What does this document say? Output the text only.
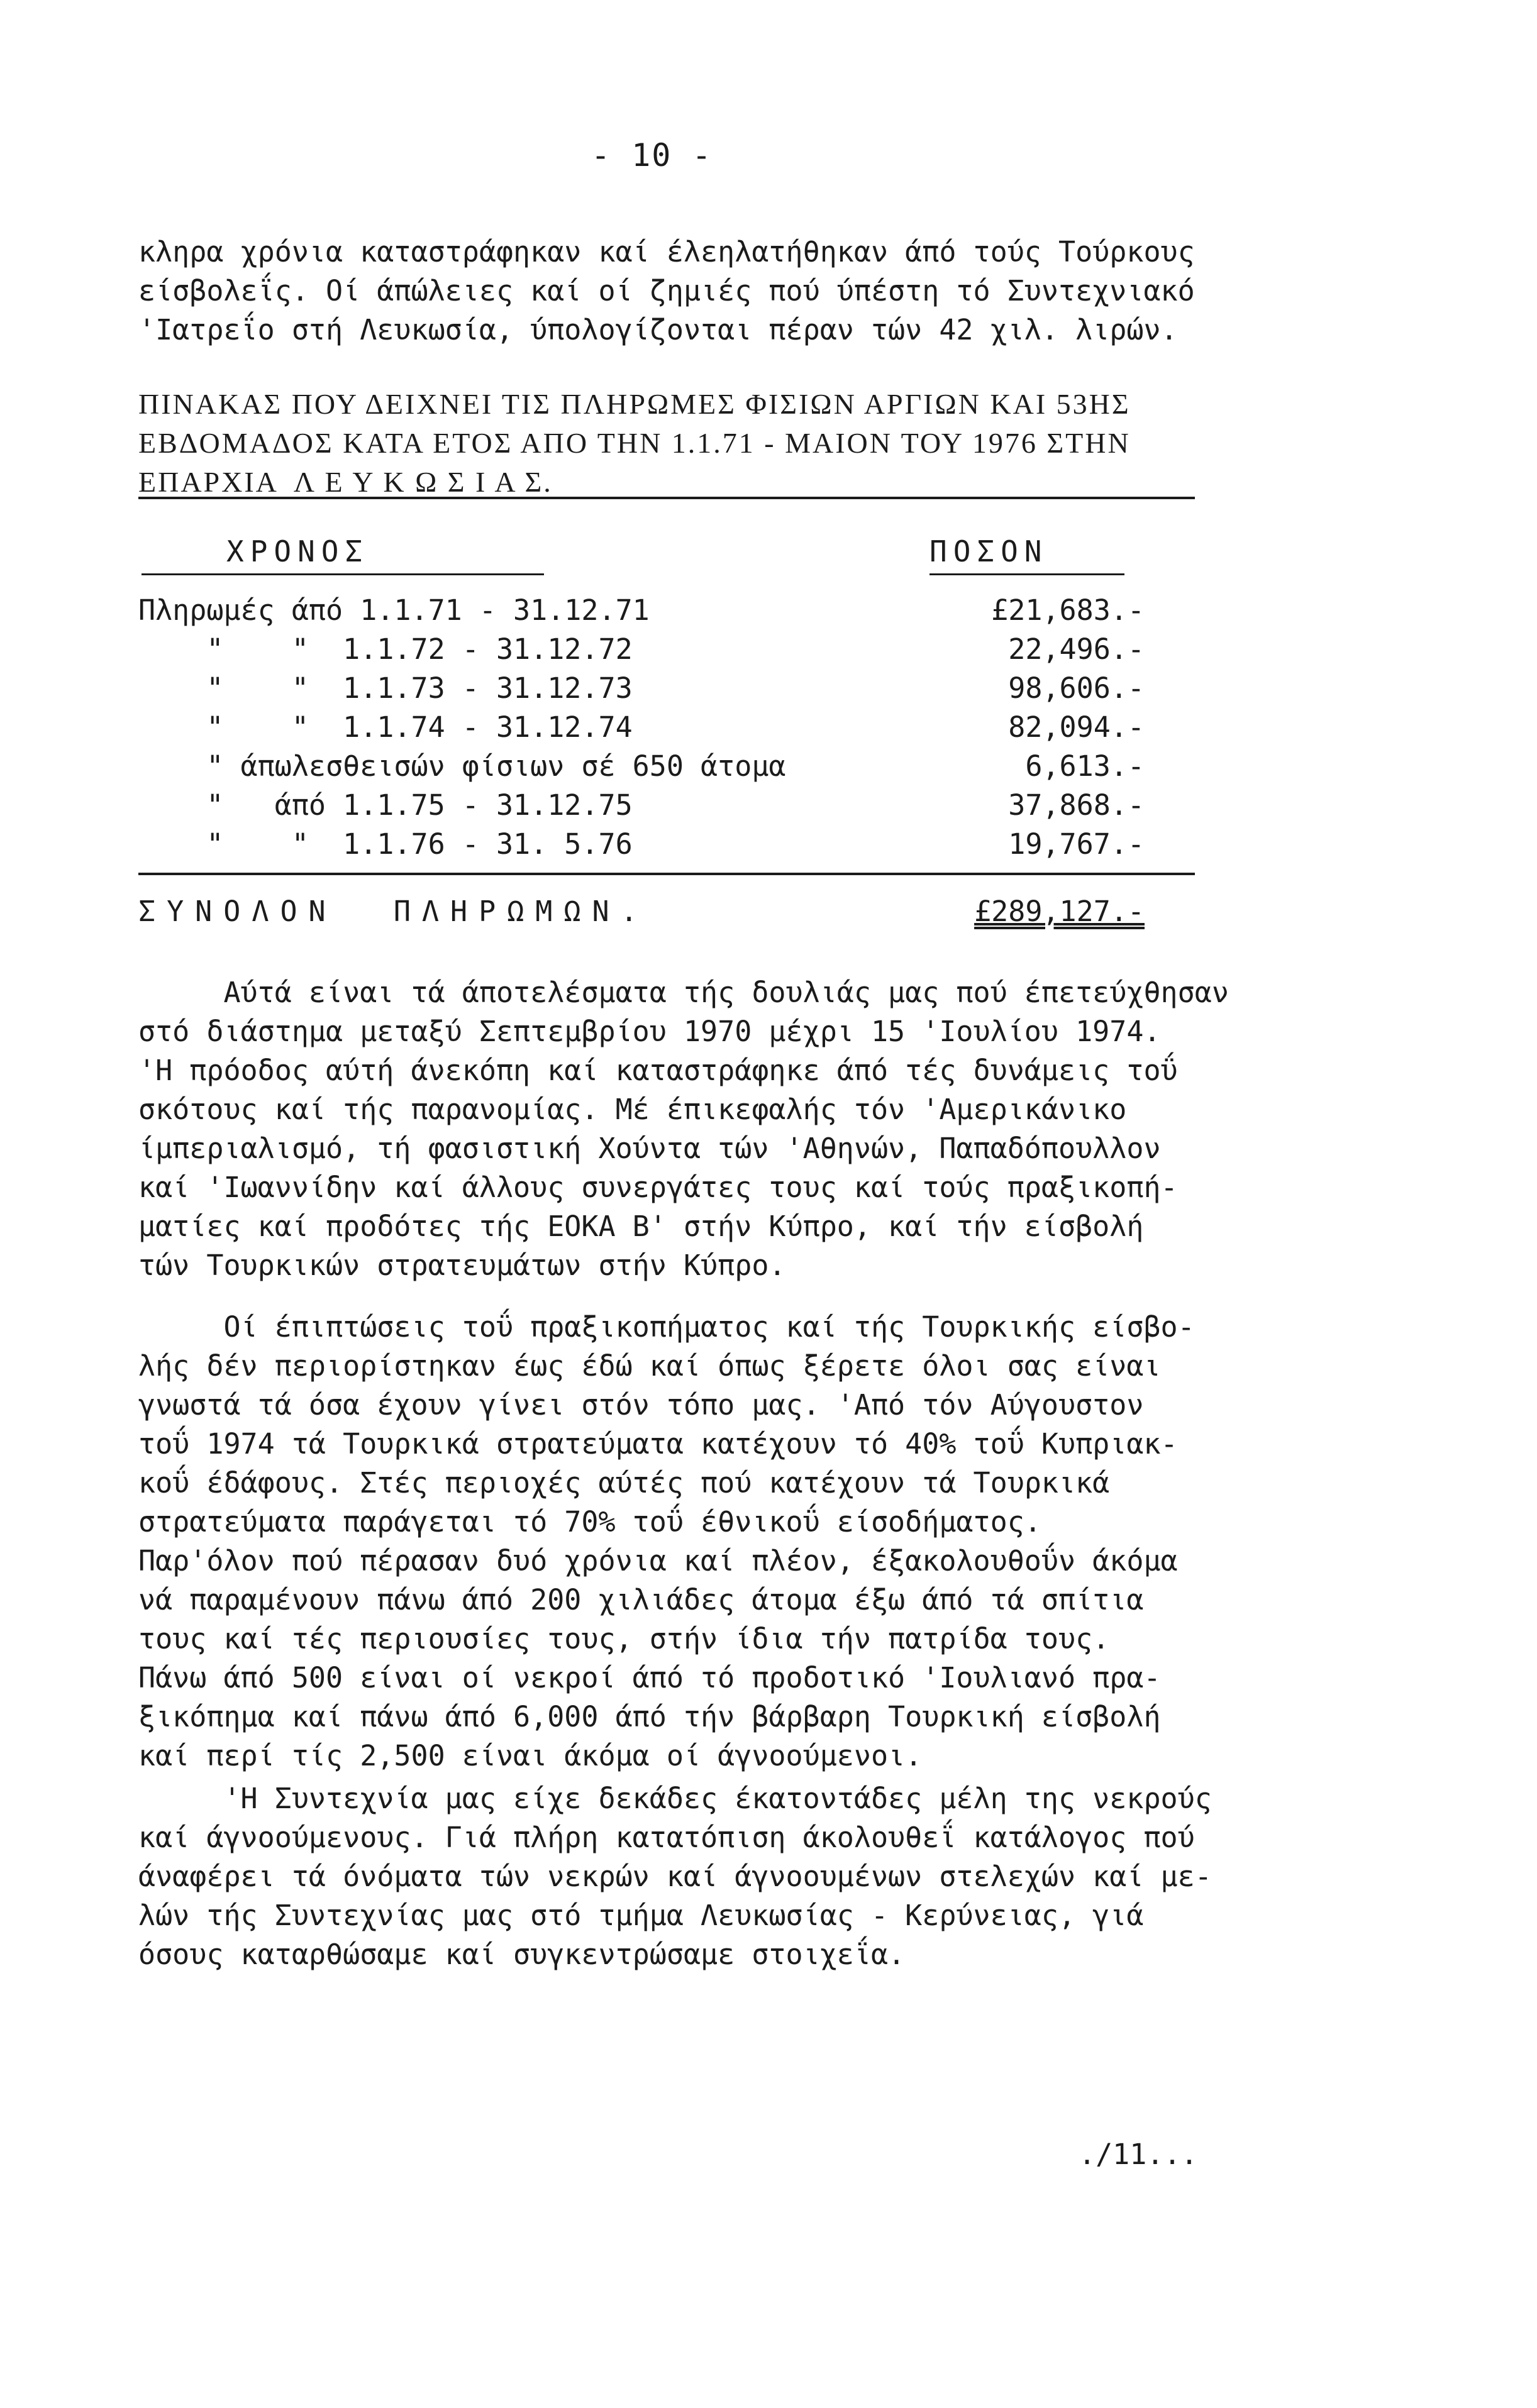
- 10 -
κληρα χρόνια καταστράφηκαν καί έλεηλατήθηκαν άπό τούς Τούρκους
είσβολεΐς. Οί άπώλειες καί οί ζημιές πού ύπέστη τό Συντεχνιακό
'Ιατρεΐο στή Λευκωσία, ύπολογίζονται πέραν τών 42 χιλ. λιρών.
ΠΙΝΑΚΑΣ ΠΟΥ ΔΕΙΧΝΕΙ ΤΙΣ ΠΛΗΡΩΜΕΣ ΦΙΣΙΩΝ ΑΡΓΙΩΝ ΚΑΙ 53ΗΣ
ΕΒΔΟΜΑΔΟΣ ΚΑΤΑ ΕΤΟΣ ΑΠΟ ΤΗΝ 1.1.71 - ΜΑΙΟΝ ΤΟΥ 1976 ΣΤΗΝ
ΕΠΑΡΧΙΑ  Λ Ε Υ Κ Ω Σ Ι Α Σ.
ΧΡΟΝΟΣ	ΠΟΣΟΝ
Πληρωμές άπό 1.1.71 - 31.12.71	£21,683.-
"    "  1.1.72 - 31.12.72	22,496.-
"    "  1.1.73 - 31.12.73	98,606.-
"    "  1.1.74 - 31.12.74	82,094.-
" άπωλεσθεισών φίσιων σέ 650 άτομα	6,613.-
"   άπό 1.1.75 - 31.12.75	37,868.-
"    "  1.1.76 - 31. 5.76	19,767.-
ΣΥΝΟΛΟΝ  ΠΛΗΡΩΜΩΝ.	£289,127.-
Αύτά είναι τά άποτελέσματα τής δουλιάς μας πού έπετεύχθησαν
στό διάστημα μεταξύ Σεπτεμβρίου 1970 μέχρι 15 'Ιουλίου 1974.
'Η πρόοδος αύτή άνεκόπη καί καταστράφηκε άπό τές δυνάμεις τοΰ
σκότους καί τής παρανομίας. Μέ έπικεφαλής τόν 'Αμερικάνικο
ίμπεριαλισμό, τή φασιστική Χούντα τών 'Αθηνών, Παπαδόπουλλον
καί 'Ιωαννίδην καί άλλους συνεργάτες τους καί τούς πραξικοπή-
ματίες καί προδότες τής ΕΟΚΑ Β' στήν Κύπρο, καί τήν είσβολή
τών Τουρκικών στρατευμάτων στήν Κύπρο.
Οί έπιπτώσεις τοΰ πραξικοπήματος καί τής Τουρκικής είσβο-
λής δέν περιορίστηκαν έως έδώ καί όπως ξέρετε όλοι σας είναι
γνωστά τά όσα έχουν γίνει στόν τόπο μας. 'Από τόν Αύγουστον
τοΰ 1974 τά Τουρκικά στρατεύματα κατέχουν τό 40% τοΰ Κυπριακ-
κοΰ έδάφους. Στές περιοχές αύτές πού κατέχουν τά Τουρκικά
στρατεύματα παράγεται τό 70% τοΰ έθνικοΰ είσοδήματος.
Παρ'όλον πού πέρασαν δυό χρόνια καί πλέον, έξακολουθοΰν άκόμα
νά παραμένουν πάνω άπό 200 χιλιάδες άτομα έξω άπό τά σπίτια
τους καί τές περιουσίες τους, στήν ίδια τήν πατρίδα τους.
Πάνω άπό 500 είναι οί νεκροί άπό τό προδοτικό 'Ιουλιανό πρα-
ξικόπημα καί πάνω άπό 6,000 άπό τήν βάρβαρη Τουρκική είσβολή
καί περί τίς 2,500 είναι άκόμα οί άγνοούμενοι.
'Η Συντεχνία μας είχε δεκάδες έκατοντάδες μέλη της νεκρούς
καί άγνοούμενους. Γιά πλήρη κατατόπιση άκολουθεΐ κατάλογος πού
άναφέρει τά όνόματα τών νεκρών καί άγνοουμένων στελεχών καί με-
λών τής Συντεχνίας μας στό τμήμα Λευκωσίας - Κερύνειας, γιά
όσους καταρθώσαμε καί συγκεντρώσαμε στοιχεΐα.
./11...
